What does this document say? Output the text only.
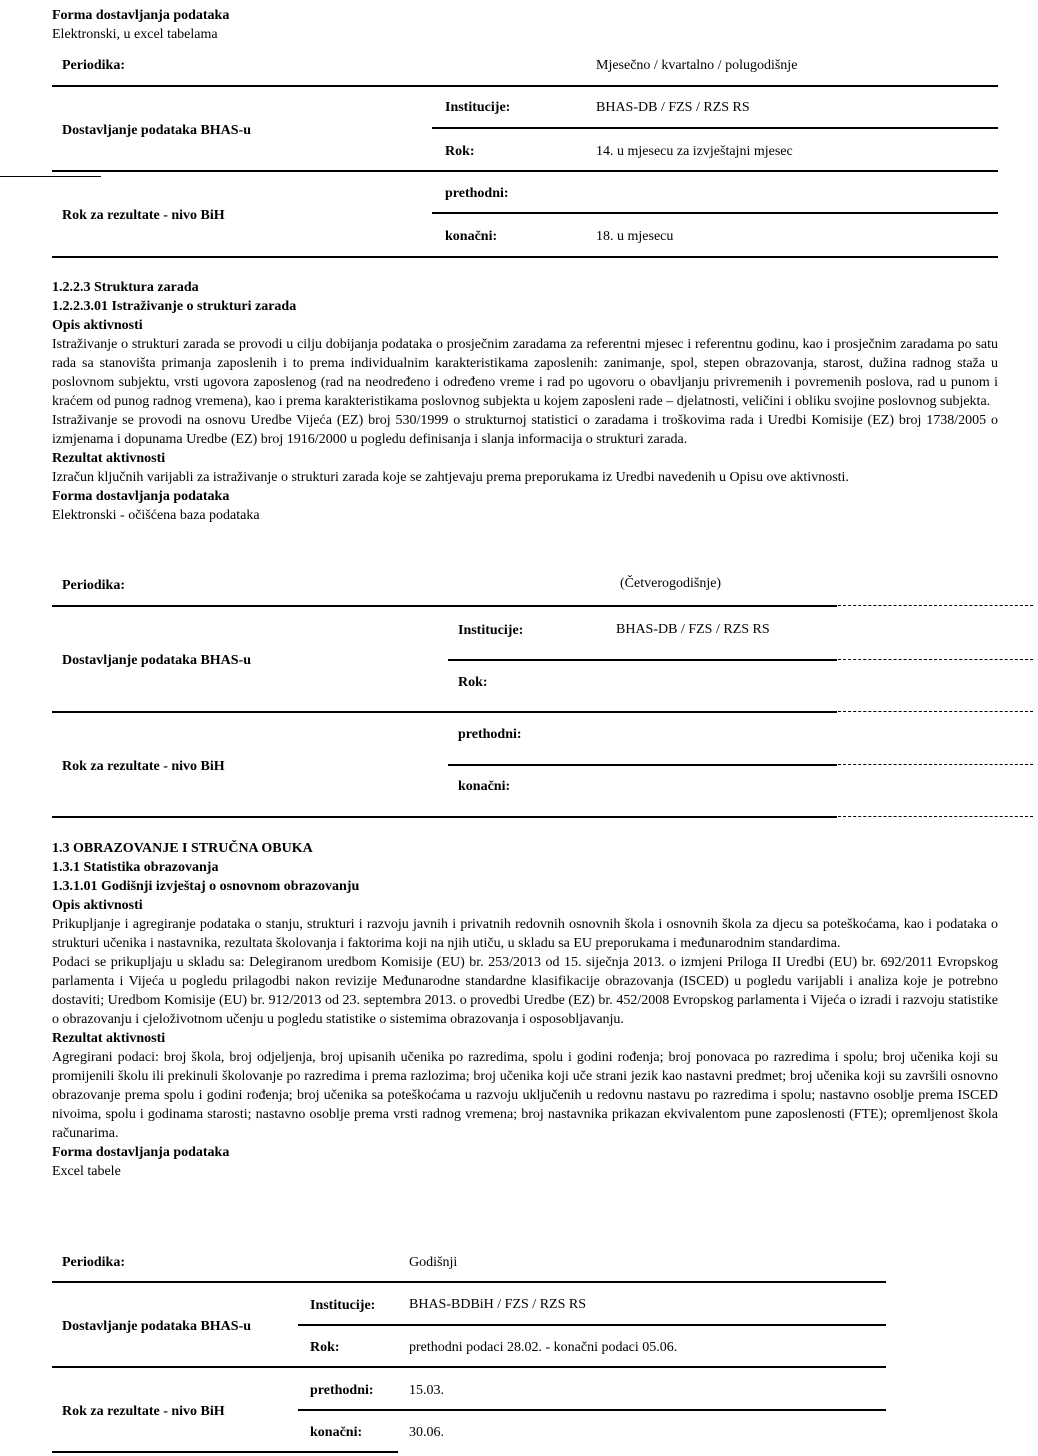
Forma dostavljanja podataka

Elektronski, u excel tabelama

Periodika:	Mjesečno / kvartalno / polugodišnje
Dostavljanje podataka BHAS-u
Institucije:	BHAS-DB / FZS / RZS RS
Rok:	14. u mjesecu za izvještajni mjesec
Rok za rezultate - nivo BiH
prethodni:
konačni:	18. u mjesecu

1.2.2.3 Struktura zarada

1.2.2.3.01 Istraživanje o strukturi zarada

Opis aktivnosti

Istraživanje o strukturi zarada se provodi u cilju dobijanja podataka o prosječnim zaradama za referentni mjesec i referentnu godinu, kao i prosječnim zaradama po satu rada sa stanovišta primanja zaposlenih i to prema individualnim karakteristikama zaposlenih: zanimanje, spol, stepen obrazovanja, starost, dužina radnog staža u poslovnom subjektu, vrsti ugovora zaposlenog (rad na neodređeno i određeno vreme i rad po ugovoru o obavljanju privremenih i povremenih poslova, rad u punom i kraćem od punog radnog vremena), kao i prema karakteristikama poslovnog subjekta u kojem zaposleni rade – djelatnosti, veličini i obliku svojine poslovnog subjekta.

Istraživanje se provodi na osnovu Uredbe Vijeća (EZ) broj 530/1999 o strukturnoj statistici o zaradama i troškovima rada i Uredbi Komisije (EZ) broj 1738/2005 o izmjenama i dopunama Uredbe (EZ) broj 1916/2000 u pogledu definisanja i slanja informacija o strukturi zarada.

Rezultat aktivnosti

Izračun ključnih varijabli za istraživanje o strukturi zarada koje se zahtjevaju prema preporukama iz Uredbi navedenih u Opisu ove aktivnosti.

Forma dostavljanja podataka

Elektronski - očišćena baza podataka

Periodika:	(Četverogodišnje)
Dostavljanje podataka BHAS-u
Institucije:	BHAS-DB / FZS / RZS RS
Rok:
Rok za rezultate - nivo BiH
prethodni:
konačni:

1.3 OBRAZOVANJE I STRUČNA OBUKA

1.3.1 Statistika obrazovanja

1.3.1.01 Godišnji izvještaj o osnovnom obrazovanju

Opis aktivnosti

Prikupljanje i agregiranje podataka o stanju, strukturi i razvoju javnih i privatnih redovnih osnovnih škola i osnovnih škola za djecu sa poteškoćama, kao i podataka o strukturi učenika i nastavnika, rezultata školovanja i faktorima koji na njih utiču, u skladu sa EU preporukama i međunarodnim standardima.

Podaci se prikupljaju u skladu sa: Delegiranom uredbom Komisije (EU) br. 253/2013 od 15. siječnja 2013. o izmjeni Priloga II Uredbi (EU) br. 692/2011 Evropskog parlamenta i Vijeća u pogledu prilagodbi nakon revizije Međunarodne standardne klasifikacije obrazovanja (ISCED) u pogledu varijabli i analiza koje je potrebno dostaviti; Uredbom Komisije (EU) br. 912/2013 od 23. septembra 2013. o provedbi Uredbe (EZ) br. 452/2008 Evropskog parlamenta i Vijeća o izradi i razvoju statistike o obrazovanju i cjeloživotnom učenju u pogledu statistike o sistemima obrazovanja i osposobljavanju.

Rezultat aktivnosti

Agregirani podaci: broj škola, broj odjeljenja, broj upisanih učenika po razredima, spolu i godini rođenja; broj ponovaca po razredima i spolu; broj učenika koji su promijenili školu ili prekinuli školovanje po razredima i prema razlozima; broj učenika koji uče strani jezik kao nastavni predmet; broj učenika koji su završili osnovno obrazovanje prema spolu i godini rođenja; broj učenika sa poteškoćama u razvoju uključenih u redovnu nastavu po razredima i spolu; nastavno osoblje prema ISCED nivoima, spolu i godinama starosti; nastavno osoblje prema vrsti radnog vremena; broj nastavnika prikazan ekvivalentom pune zaposlenosti (FTE); opremljenost škola računarima.

Forma dostavljanja podataka

Excel tabele

Periodika:	Godišnji
Dostavljanje podataka BHAS-u
Institucije: BHAS-BDBiH / FZS / RZS RS
Rok:	prethodni podaci 28.02. - konačni podaci 05.06.
Rok za rezultate - nivo BiH
prethodni:	15.03.
konačni:	30.06.
